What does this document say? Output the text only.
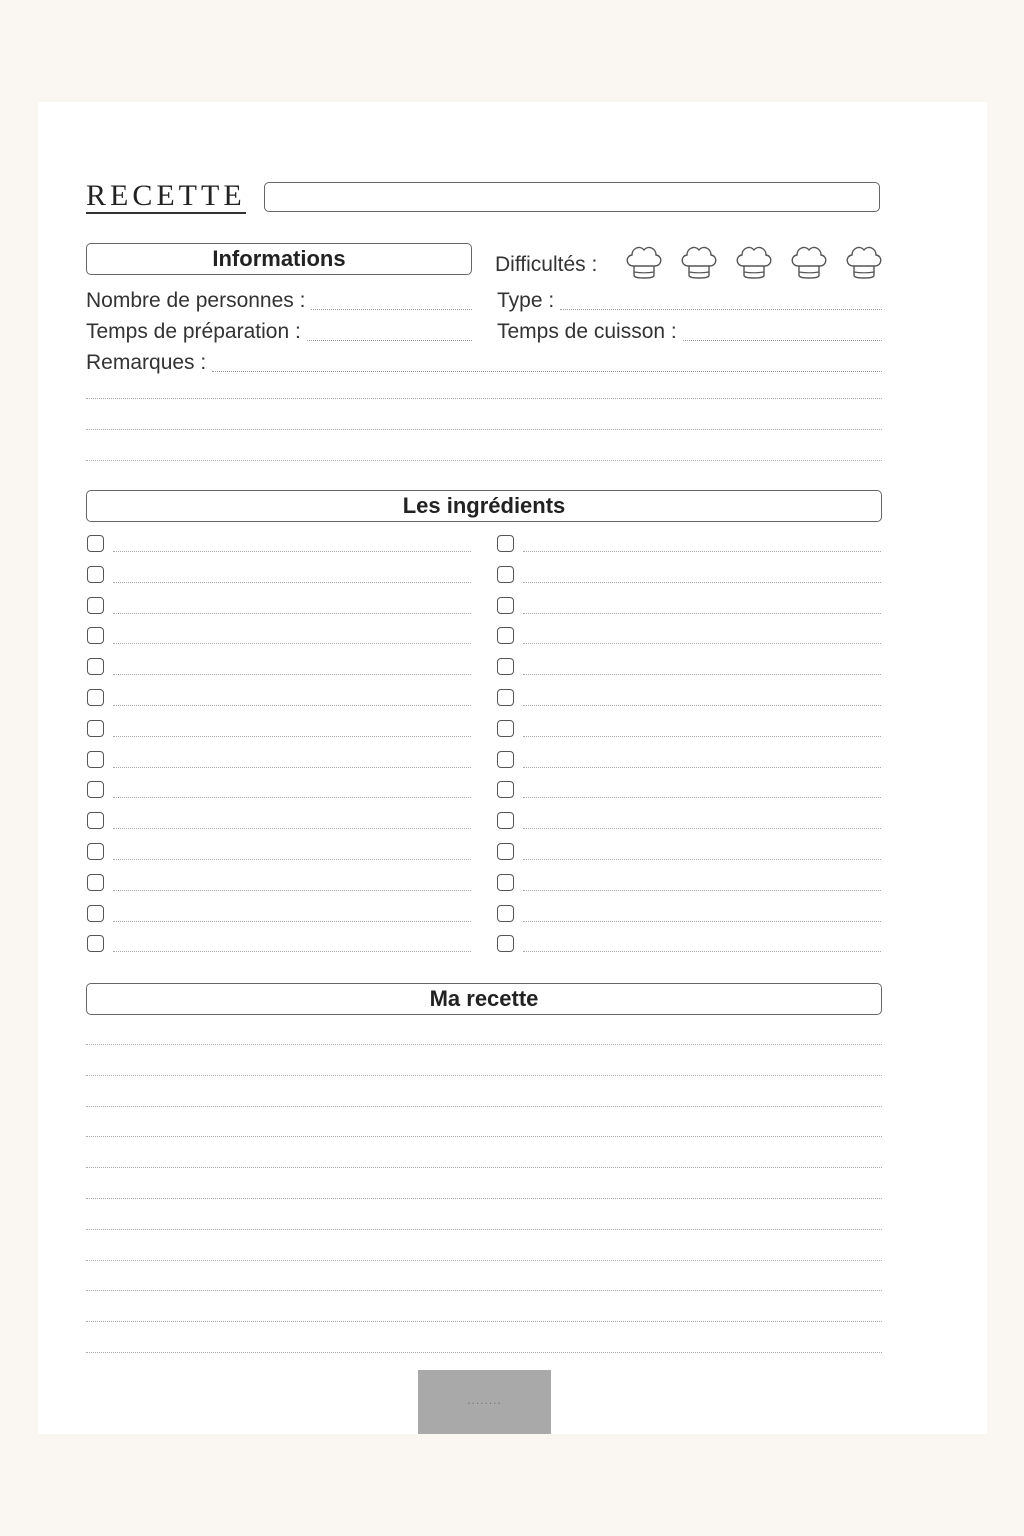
RECETTE
Informations	Difficultés :
Nombre de personnes :	Type :
Temps de préparation :	Temps de cuisson :
Remarques :
Les ingrédients
Ma recette
........
